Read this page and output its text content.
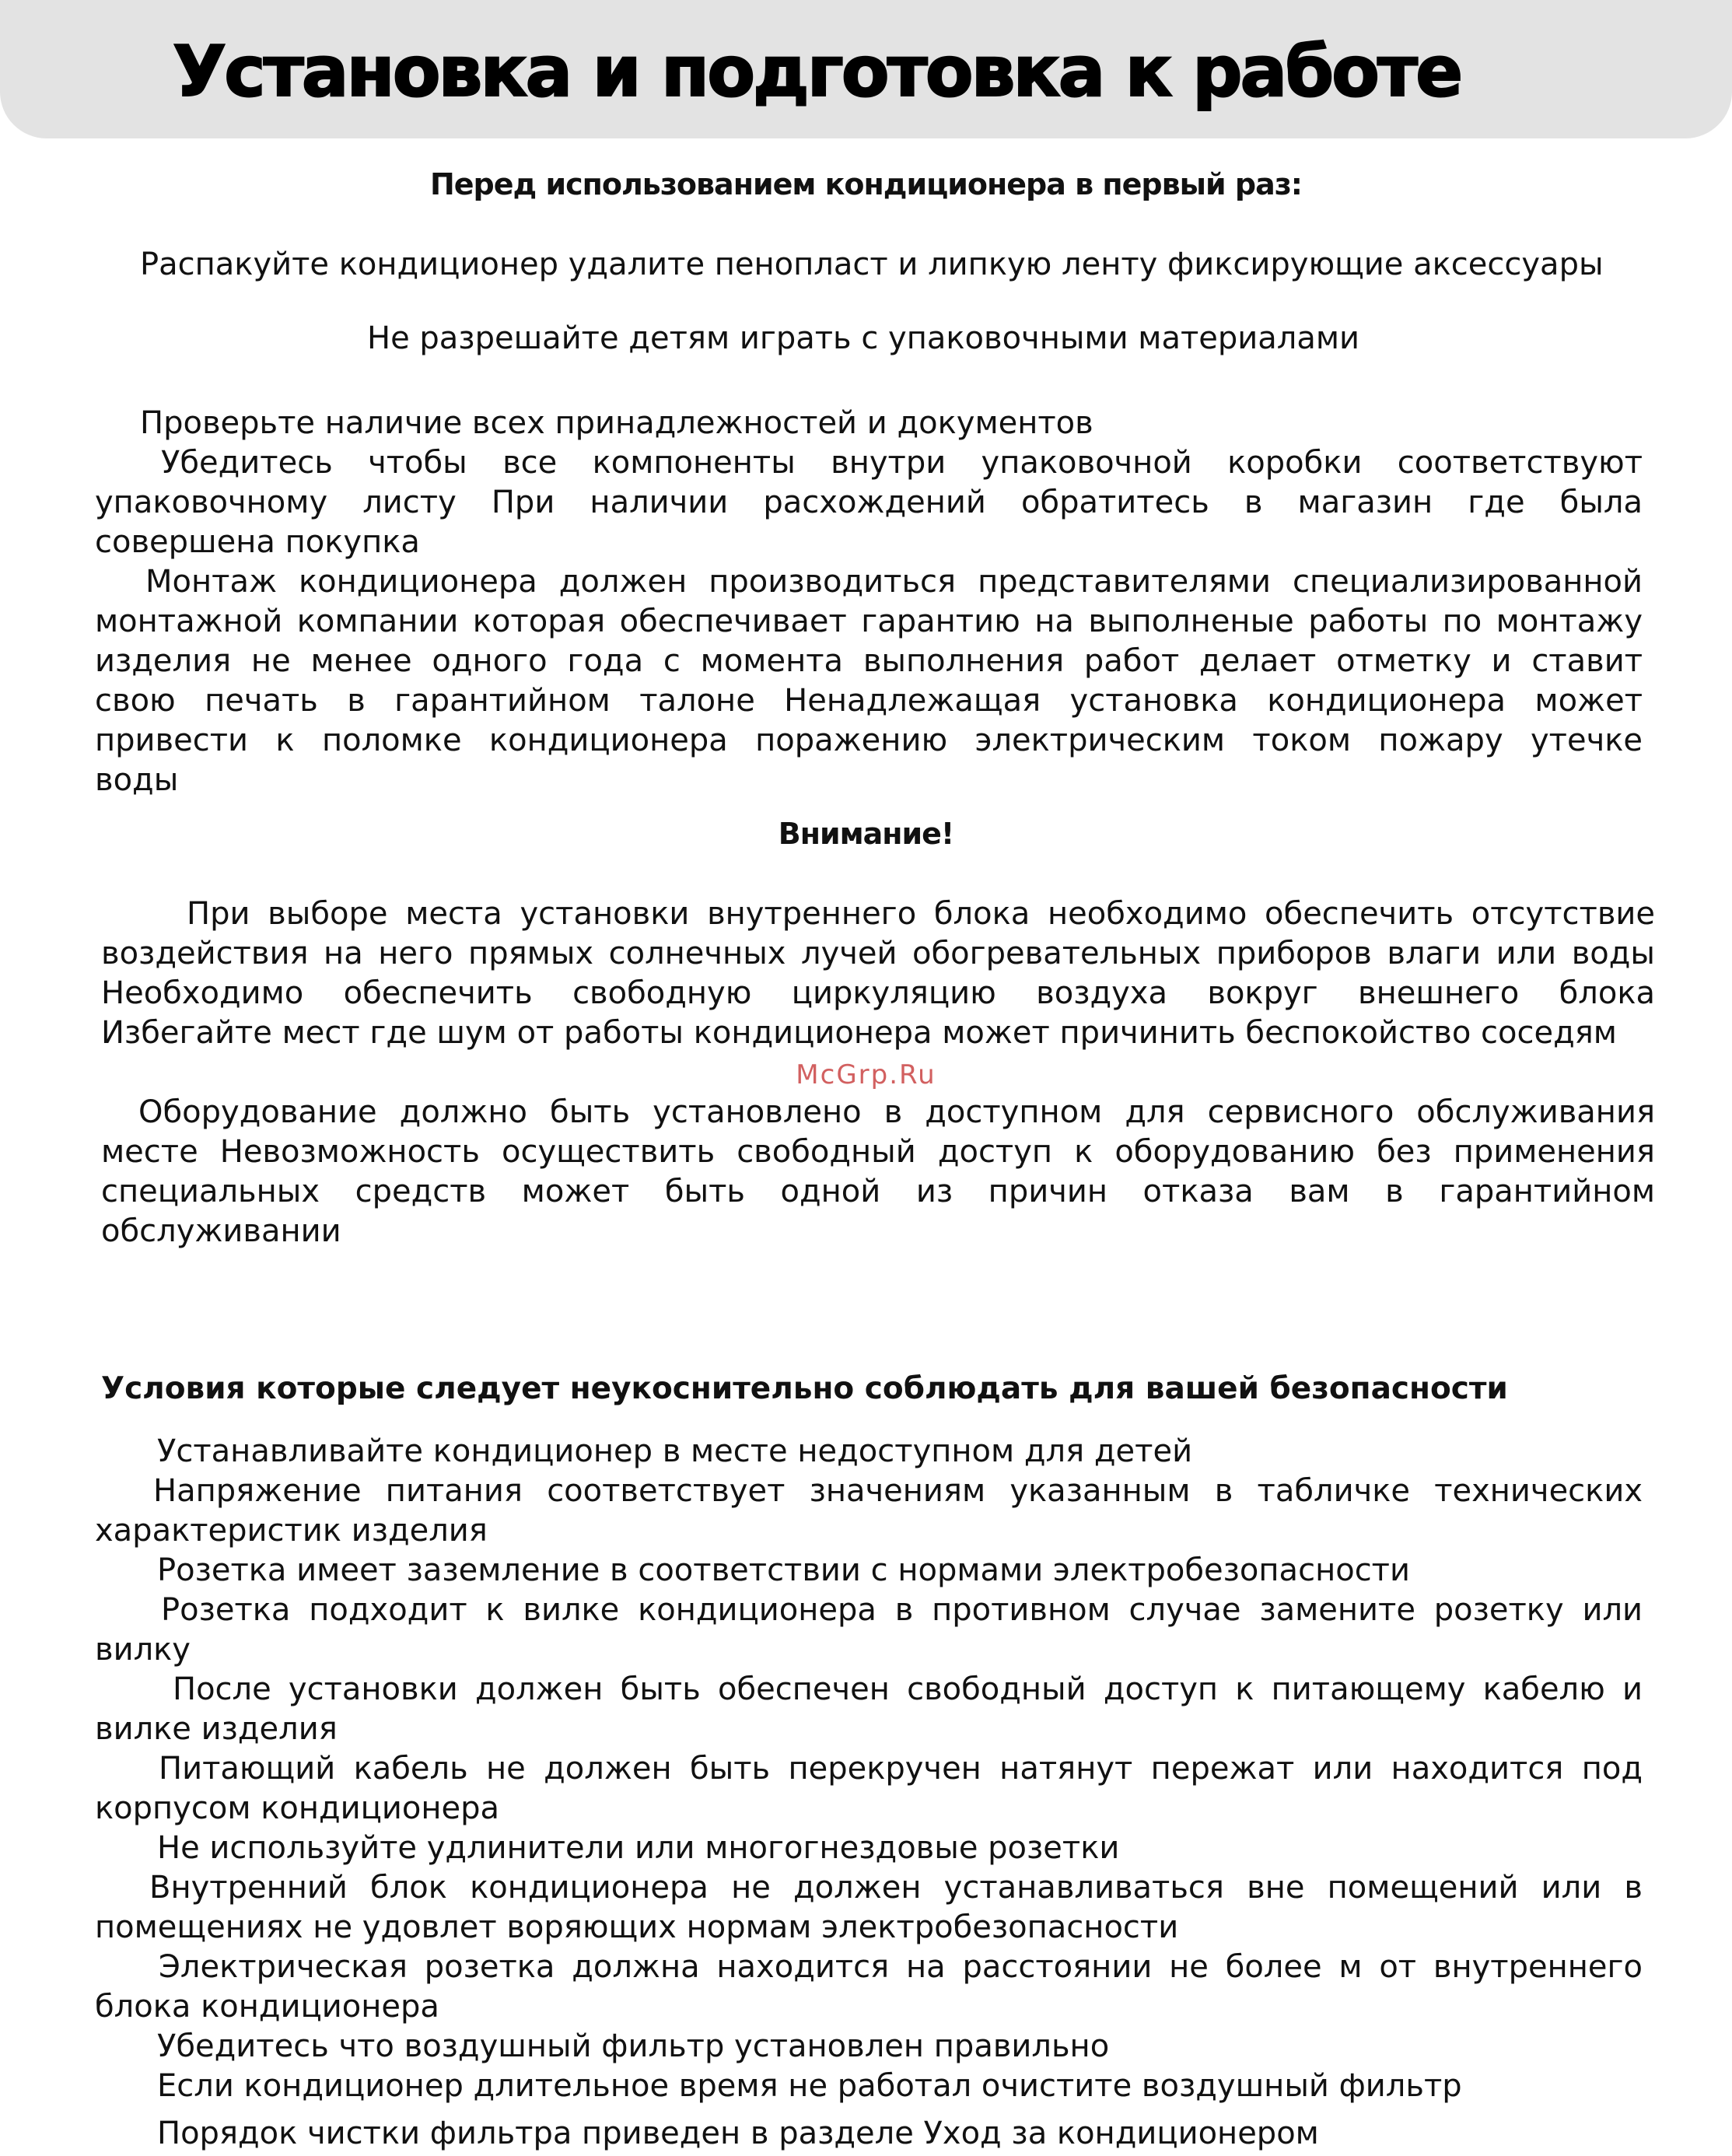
Установка и подготовка к работе
Перед использованием кондиционера в первый раз:
Распакуйте кондиционер удалите пенопласт и липкую ленту фиксирующие аксессуары
Не разрешайте детям играть с упаковочными материалами
Проверьте наличие всех принадлежностей и документов
Убедитесь чтобы все компоненты внутри упаковочной коробки соответствуют
упаковочному листу При наличии расхождений обратитесь в магазин где была
совершена покупка
Монтаж кондиционера должен производиться представителями специализированной
монтажной компании которая обеспечивает гарантию на выполненые работы по монтажу
изделия не менее одного года с момента выполнения работ делает отметку и ставит
свою печать в гарантийном талоне Ненадлежащая установка кондиционера может
привести к поломке кондиционера поражению электрическим током пожару утечке
воды
Внимание!
При выборе места установки внутреннего блока необходимо обеспечить отсутствие
воздействия на него прямых солнечных лучей обогревательных приборов влаги или воды
Необходимо обеспечить свободную циркуляцию воздуха вокруг внешнего блока
Избегайте мест где шум от работы кондиционера может причинить беспокойство соседям
McGrp.Ru
Оборудование должно быть установлено в доступном для сервисного обслуживания
месте Невозможность осуществить свободный доступ к оборудованию без применения
специальных средств может быть одной из причин отказа вам в гарантийном
обслуживании
Условия которые следует неукоснительно соблюдать для вашей безопасности
Устанавливайте кондиционер в месте недоступном для детей
Напряжение питания соответствует значениям указанным в табличке технических
характеристик изделия
Розетка имеет заземление в соответствии с нормами электробезопасности
Розетка подходит к вилке кондиционера в противном случае замените розетку или
вилку
После установки должен быть обеспечен свободный доступ к питающему кабелю и
вилке изделия
Питающий кабель не должен быть перекручен натянут пережат или находится под
корпусом кондиционера
Не используйте удлинители или многогнездовые розетки
Внутренний блок кондиционера не должен устанавливаться вне помещений или в
помещениях не удовлет воряющих нормам электробезопасности
Электрическая розетка должна находится на расстоянии не более м от внутреннего
блока кондиционера
Убедитесь что воздушный фильтр установлен правильно
Если кондиционер длительное время не работал очистите воздушный фильтр
Порядок чистки фильтра приведен в разделе Уход за кондиционером
